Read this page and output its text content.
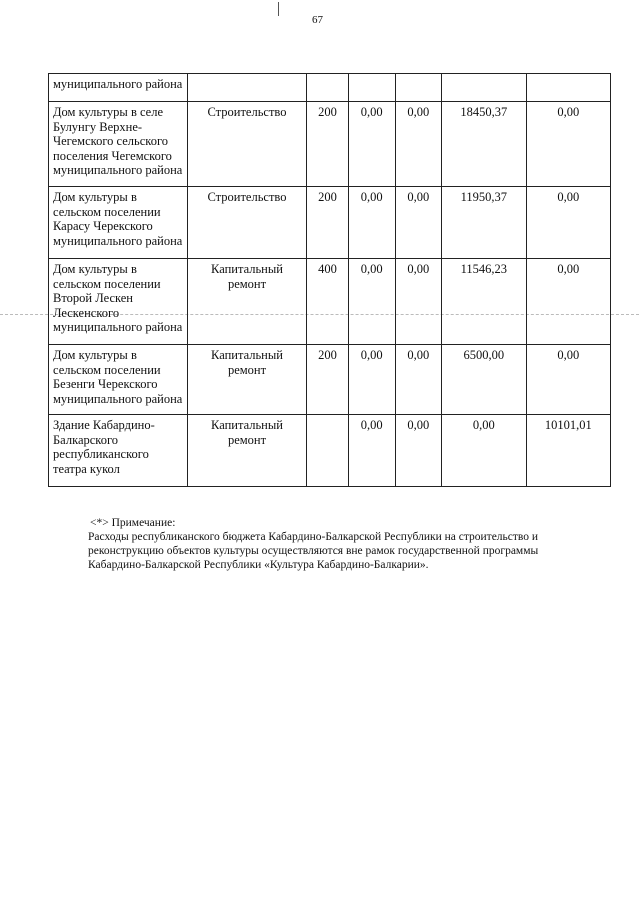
67
муниципального района						
Дом культуры в селе Булунгу Верхне-Чегемского сельского поселения Чегемского муниципального района	Строительство	200	0,00	0,00	18450,37	0,00
Дом культуры в сельском поселении Карасу Черекского муниципального района	Строительство	200	0,00	0,00	11950,37	0,00
Дом культуры в сельском поселении Второй Лескен Лескенского муниципального района	Капитальный ремонт	400	0,00	0,00	11546,23	0,00
Дом культуры в сельском поселении Безенги Черекского муниципального района	Капитальный ремонт	200	0,00	0,00	6500,00	0,00
Здание Кабардино-Балкарского республиканского театра кукол	Капитальный ремонт		0,00	0,00	0,00	10101,01
<*> Примечание:
Расходы республиканского бюджета Кабардино-Балкарской Республики на строительство и реконструкцию объектов культуры осуществляются вне рамок государственной программы Кабардино-Балкарской Республики «Культура Кабардино-Балкарии».
